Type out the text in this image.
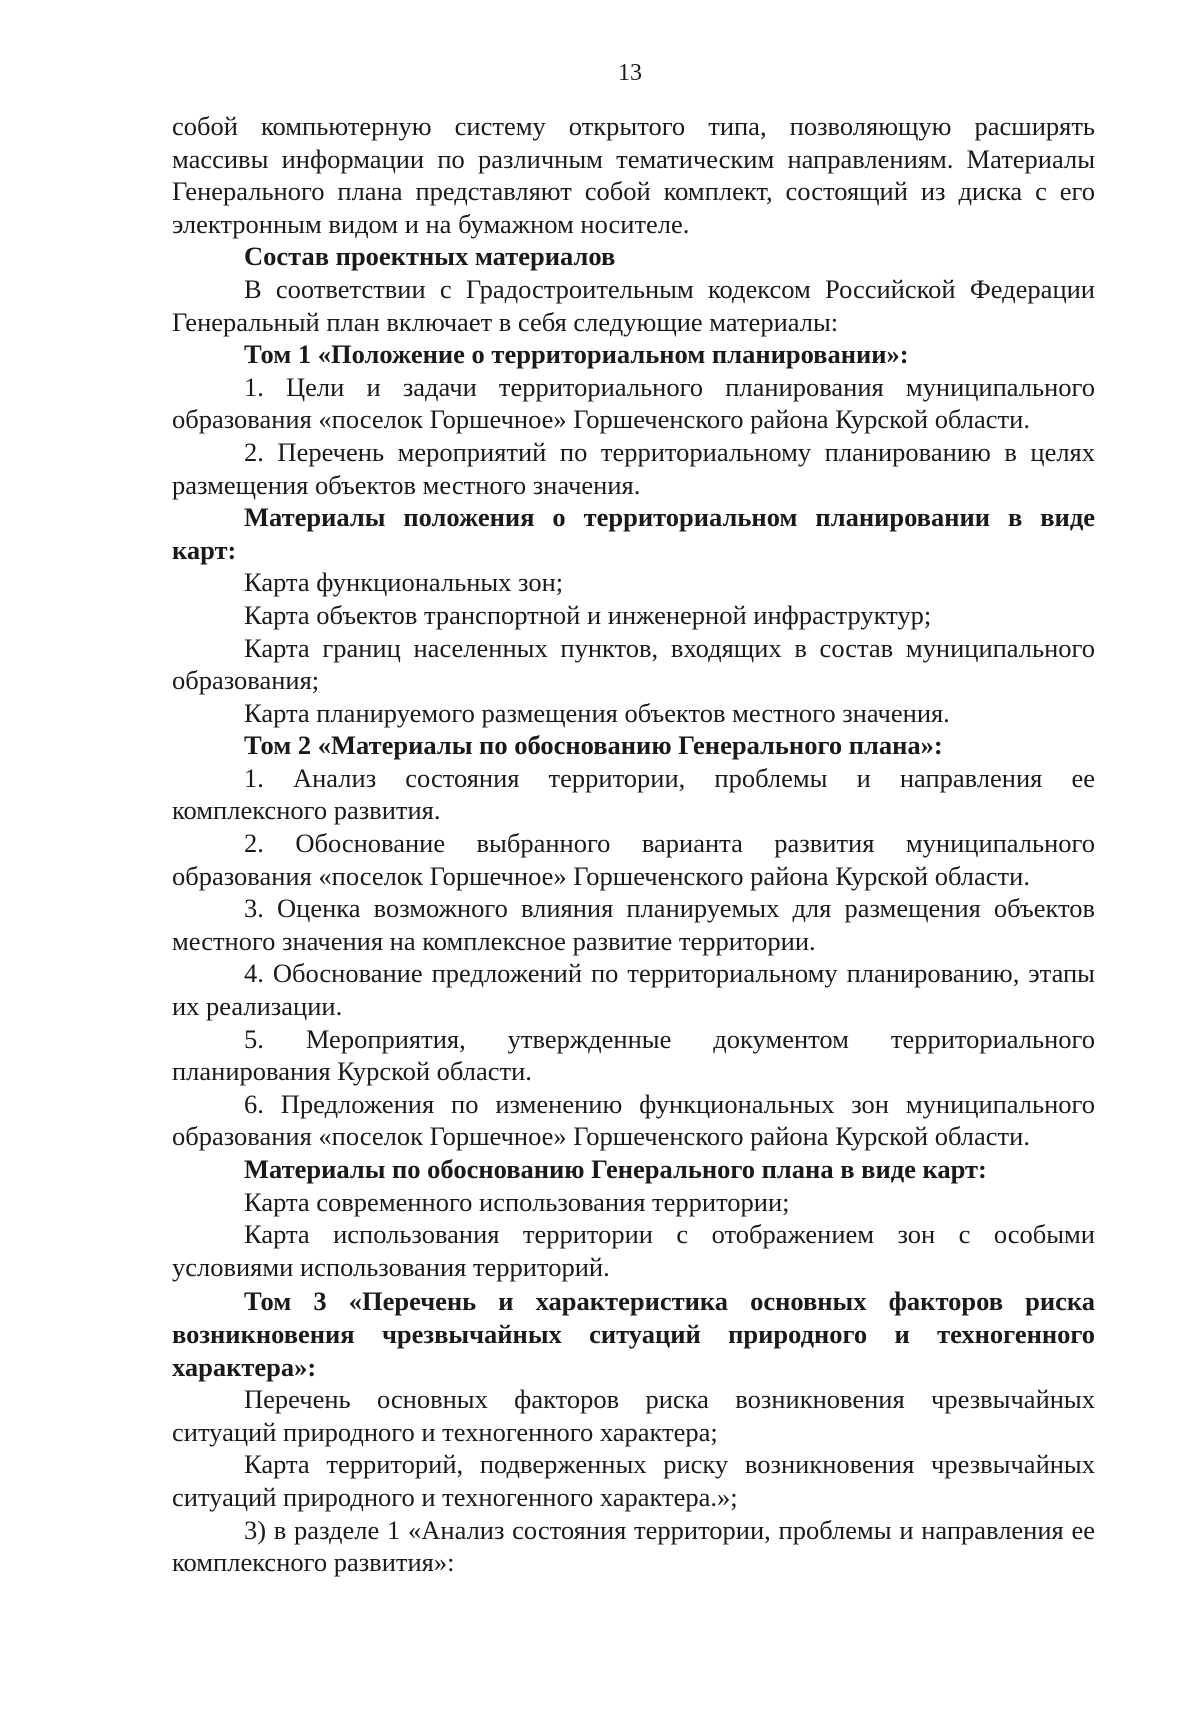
13

собой компьютерную систему открытого типа, позволяющую расширять массивы информации по различным тематическим направлениям. Материалы Генерального плана представляют собой комплект, состоящий из диска с его электронным видом и на бумажном носителе.

Состав проектных материалов

В соответствии с Градостроительным кодексом Российской Федерации Генеральный план включает в себя следующие материалы:

Том 1 «Положение о территориальном планировании»:

1. Цели и задачи территориального планирования муниципального образования «поселок Горшечное» Горшеченского района Курской области.

2. Перечень мероприятий по территориальному планированию в целях размещения объектов местного значения.

Материалы положения о территориальном планировании в виде карт:

Карта функциональных зон;

Карта объектов транспортной и инженерной инфраструктур;

Карта границ населенных пунктов, входящих в состав муниципального образования;

Карта планируемого размещения объектов местного значения.

Том 2 «Материалы по обоснованию Генерального плана»:

1. Анализ состояния территории, проблемы и направления ее комплексного развития.

2. Обоснование выбранного варианта развития муниципального образования «поселок Горшечное» Горшеченского района Курской области.

3. Оценка возможного влияния планируемых для размещения объектов местного значения на комплексное развитие территории.

4. Обоснование предложений по территориальному планированию, этапы их реализации.

5. Мероприятия, утвержденные документом территориального планирования Курской области.

6. Предложения по изменению функциональных зон муниципального образования «поселок Горшечное» Горшеченского района Курской области.

Материалы по обоснованию Генерального плана в виде карт:

Карта современного использования территории;

Карта использования территории с отображением зон с особыми условиями использования территорий.

Том 3 «Перечень и характеристика основных факторов риска возникновения чрезвычайных ситуаций природного и техногенного характера»:

Перечень основных факторов риска возникновения чрезвычайных ситуаций природного и техногенного характера;

Карта территорий, подверженных риску возникновения чрезвычайных ситуаций природного и техногенного характера.»;

3) в разделе 1 «Анализ состояния территории, проблемы и направления ее комплексного развития»:
